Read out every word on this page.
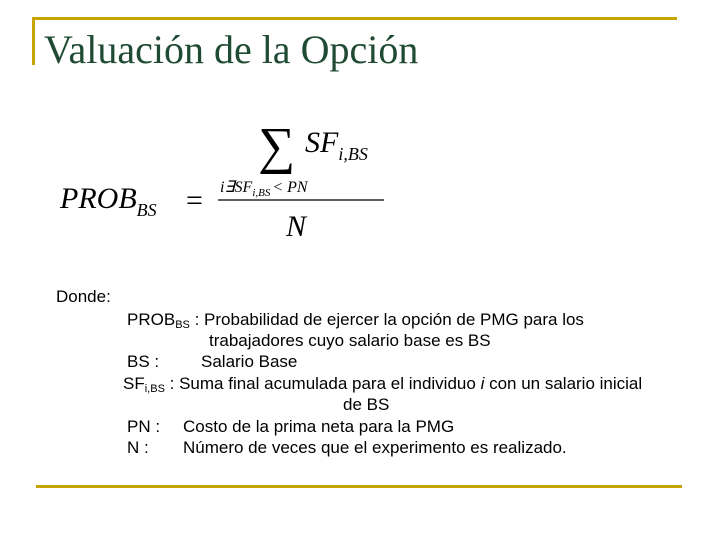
Valuación de la Opción
$PROB_{BS}$ =
∑ $SF_{i,BS}$
$i\exists SF_{i,BS}$ < PN
N
Donde:
$PROB_{BS}$ : Probabilidad de ejercer la opción de PMG para los
trabajadores cuyo salario base es BS
BS : Salario Base
$SF_{i,BS}$ : Suma final acumulada para el individuo i con un salario inicial
de BS
PN : Costo de la prima neta para la PMG
N : Número de veces que el experimento es realizado.
